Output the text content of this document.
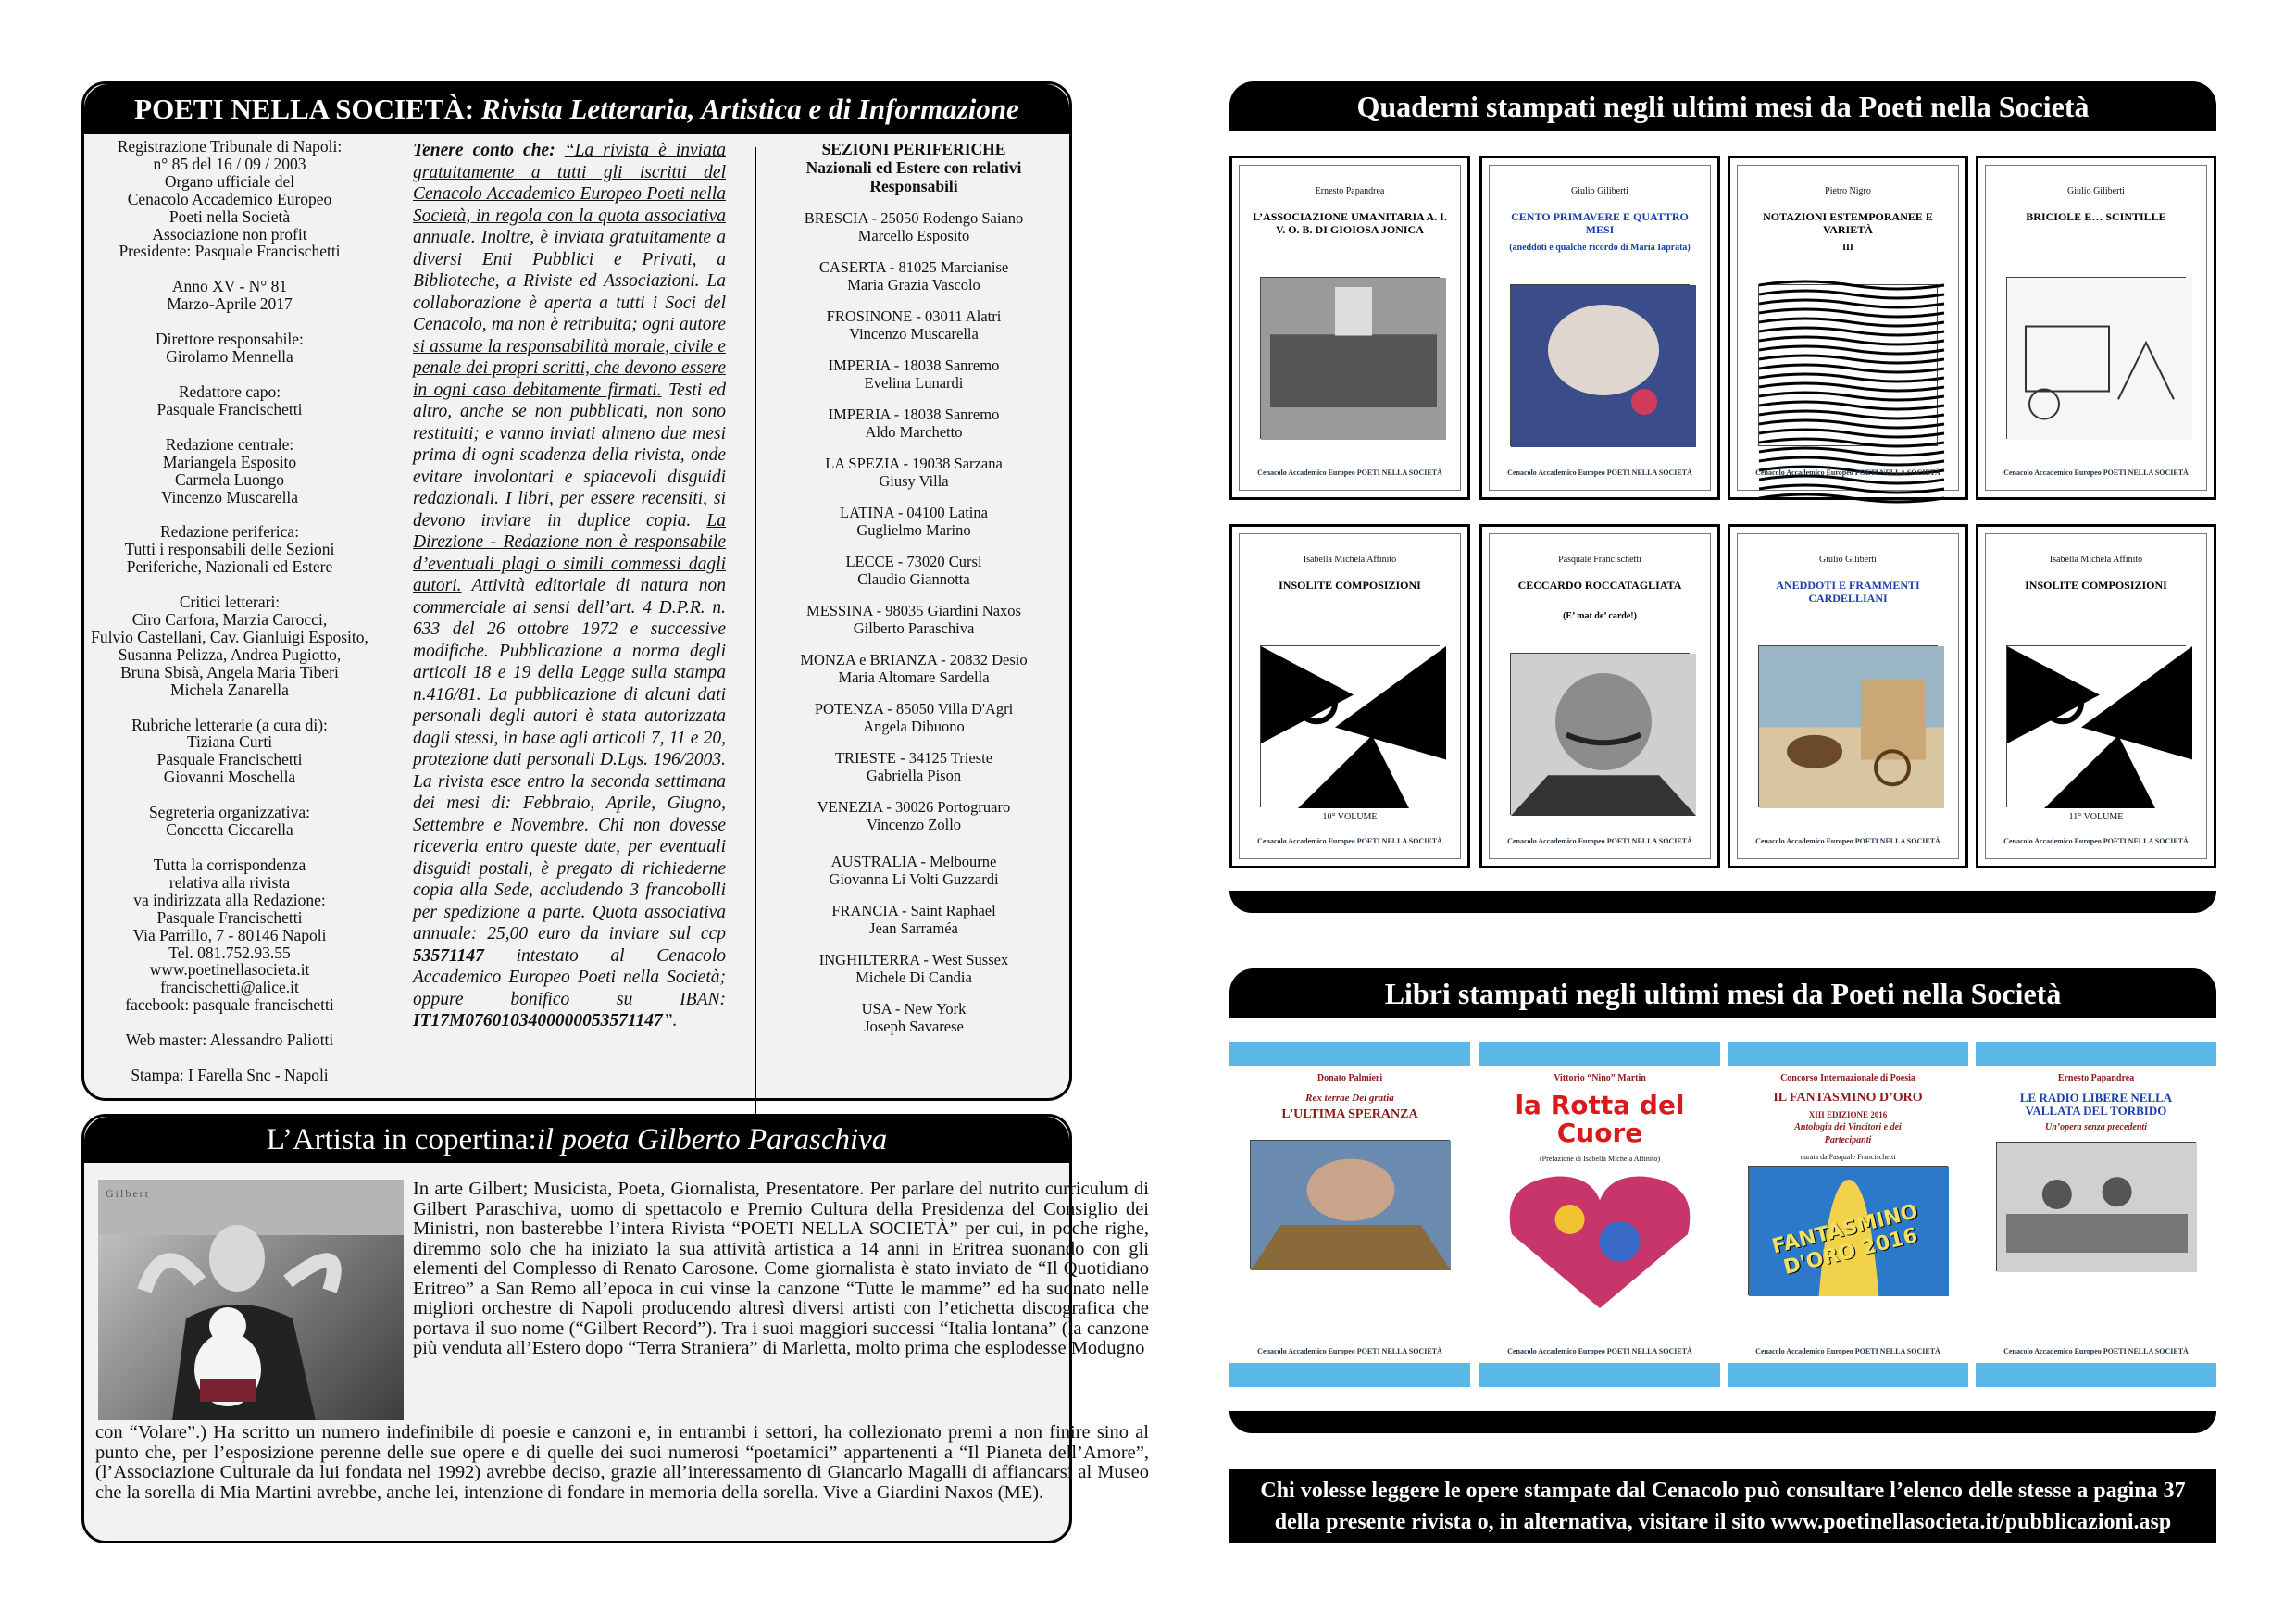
POETI NELLA SOCIETÀ:
Rivista Letteraria, Artistica e di Informazione

Registrazione Tribunale di Napoli:

n° 85 del 16 / 09 / 2003

Organo ufficiale del

Cenacolo Accademico Europeo

Poeti nella Società

Associazione non profit

Presidente: Pasquale Francischetti

Anno XV - N° 81

Marzo-Aprile 2017

Direttore responsabile:

Girolamo Mennella

Redattore capo:

Pasquale Francischetti

Redazione centrale:

Mariangela Esposito

Carmela Luongo

Vincenzo Muscarella

Redazione periferica:

Tutti i responsabili delle Sezioni

Periferiche, Nazionali ed Estere

Critici letterari:

Ciro Carfora, Marzia Carocci,

Fulvio Castellani, Cav. Gianluigi Esposito,

Susanna Pelizza, Andrea Pugiotto,

Bruna Sbisà, Angela Maria Tiberi

Michela Zanarella

Rubriche letterarie (a cura di):

Tiziana Curti

Pasquale Francischetti

Giovanni Moschella

Segreteria organizzativa:

Concetta Ciccarella

Tutta la corrispondenza

relativa alla rivista

va indirizzata alla Redazione:

Pasquale Francischetti

Via Parrillo, 7 - 80146 Napoli

Tel. 081.752.93.55

www.poetinellasocieta.it

francischetti@alice.it

facebook: pasquale francischetti

Web master: Alessandro Paliotti

Stampa: I Farella Snc - Napoli

Tenere conto che: “La rivista è inviata gratuitamente a tutti gli iscritti del Cenacolo Accademico Europeo Poeti nella Società, in regola con la quota associativa annuale. Inoltre, è inviata gratuitamente a diversi Enti Pubblici e Privati, a Biblioteche, a Riviste ed Associazioni. La collaborazione è aperta a tutti i Soci del Cenacolo, ma non è retribuita; ogni autore si assume la responsabilità morale, civile e penale dei propri scritti, che devono essere in ogni caso debitamente firmati. Testi ed altro, anche se non pubblicati, non sono restituiti; e vanno inviati almeno due mesi prima di ogni scadenza della rivista, onde evitare involontari e spiacevoli disguidi redazionali. I libri, per essere recensiti, si devono inviare in duplice copia. La Direzione - Redazione non è responsabile d’eventuali plagi o simili commessi dagli autori. Attività editoriale di natura non commerciale ai sensi dell’art. 4 D.P.R. n. 633 del 26 ottobre 1972 e successive modifiche. Pubblicazione a norma degli articoli 18 e 19 della Legge sulla stampa n.416/81. La pubblicazione di alcuni dati personali degli autori è stata autorizzata dagli stessi, in base agli articoli 7, 11 e 20, protezione dati personali D.Lgs. 196/2003. La rivista esce entro la seconda settimana dei mesi di: Febbraio, Aprile, Giugno, Settembre e Novembre. Chi non dovesse riceverla entro queste date, per eventuali disguidi postali, è pregato di richiederne copia alla Sede, accludendo 3 francobolli per spedizione a parte. Quota associativa annuale: 25,00 euro da inviare sul ccp 53571147 intestato al Cenacolo Accademico Europeo Poeti nella Società; oppure bonifico su IBAN: IT17M0760103400000053571147”.
SEZIONI PERIFERICHE
Nazionali ed Estere con relativi Responsabili
BRESCIA - 25050 Rodengo Saiano
Marcello Esposito
CASERTA - 81025 Marcianise
Maria Grazia Vascolo
FROSINONE - 03011 Alatri
Vincenzo Muscarella
IMPERIA - 18038 Sanremo
Evelina Lunardi
IMPERIA - 18038 Sanremo
Aldo Marchetto
LA SPEZIA - 19038 Sarzana
Giusy Villa
LATINA - 04100 Latina
Guglielmo Marino
LECCE - 73020 Cursi
Claudio Giannotta
MESSINA - 98035 Giardini Naxos
Gilberto Paraschiva
MONZA e BRIANZA - 20832 Desio
Maria Altomare Sardella
POTENZA - 85050 Villa D'Agri
Angela Dibuono
TRIESTE - 34125 Trieste
Gabriella Pison
VENEZIA - 30026 Portogruaro
Vincenzo Zollo
AUSTRALIA - Melbourne
Giovanna Li Volti Guzzardi
FRANCIA - Saint Raphael
Jean Sarraméa
INGHILTERRA - West Sussex
Michele Di Candia
USA - New York
Joseph Savarese
L’Artista in copertina: il poeta Gilberto Paraschiva
Gilbert	In arte Gilbert; Musicista, Poeta, Giornalista, Presentatore. Per parlare del nutrito curriculum di Gilbert Paraschiva, uomo di spettacolo e Premio Cultura della Presidenza del Consiglio dei Ministri, non basterebbe l’intera Rivista “POETI NELLA SOCIETÀ” per cui, in poche righe, diremmo solo che ha iniziato la sua attività artistica a 14 anni in Eritrea suonando con gli elementi del Complesso di Renato Carosone. Come giornalista è stato inviato de “Il Quotidiano Eritreo” a San Remo all’epoca in cui vinse la canzone “Tutte le mamme” ed ha suonato nelle migliori orchestre di Napoli producendo altresì diversi artisti con l’etichetta discografica che portava il suo nome (“Gilbert Record”). Tra i suoi maggiori successi “Italia lontana” (la canzone più venduta all’Estero dopo “Terra Straniera” di Marletta, molto prima che esplodesse Modugno
con “Volare”.) Ha scritto un numero indefinibile di poesie e canzoni e, in entrambi i settori, ha collezionato premi a non finire sino al punto che, per l’esposizione perenne delle sue opere e di quelle dei suoi numerosi “poetamici” appartenenti a “Il Pianeta dell’Amore”, (l’Associazione Culturale da lui fondata nel 1992) avrebbe deciso, grazie all’interessamento di Giancarlo Magalli di affiancarsi al Museo che la sorella di Mia Martini avrebbe, anche lei, intenzione di fondare in memoria della sorella. Vive a Giardini Naxos (ME).
Quaderni stampati negli ultimi mesi da Poeti nella Società
Ernesto Papandrea
L’ASSOCIAZIONE UMANITARIA A. I. V. O. B. DI GIOIOSA JONICA
Cenacolo Accademico Europeo POETI NELLA SOCIETÀ
Giulio Giliberti
CENTO PRIMAVERE E QUATTRO MESI
(aneddoti e qualche ricordo di Maria Iaprata)
Cenacolo Accademico Europeo POETI NELLA SOCIETÀ
Pietro Nigro
NOTAZIONI ESTEMPORANEE E VARIETÀ
III
Cenacolo Accademico Europeo POETI NELLA SOCIETÀ
Giulio Giliberti
BRICIOLE E… SCINTILLE
Cenacolo Accademico Europeo POETI NELLA SOCIETÀ
Isabella Michela Affinito
INSOLITE COMPOSIZIONI
10° VOLUME
Cenacolo Accademico Europeo POETI NELLA SOCIETÀ
Pasquale Francischetti
CECCARDO ROCCATAGLIATA
(E’ mat de’ carde!)
Cenacolo Accademico Europeo POETI NELLA SOCIETÀ
Giulio Giliberti
ANEDDOTI E FRAMMENTI CARDELLIANI
Cenacolo Accademico Europeo POETI NELLA SOCIETÀ
Isabella Michela Affinito
INSOLITE COMPOSIZIONI
11° VOLUME
Cenacolo Accademico Europeo POETI NELLA SOCIETÀ
Libri stampati negli ultimi mesi da Poeti nella Società
Donato Palmieri
Rex terrae Dei gratia
L’ULTIMA SPERANZA
Cenacolo Accademico Europeo POETI NELLA SOCIETÀ
Vittorio “Nino” Martin
la Rotta del Cuore
(Prefazione di Isabella Michela Affinito)
Cenacolo Accademico Europeo POETI NELLA SOCIETÀ
Concorso Internazionale di Poesia
IL FANTASMINO D’ORO
XIII EDIZIONE 2016
Antologia dei Vincitori e dei Partecipanti
curata da Pasquale Francischetti
FANTASMINO D'ORO 2016
Cenacolo Accademico Europeo POETI NELLA SOCIETÀ
Ernesto Papandrea
LE RADIO LIBERE NELLA VALLATA DEL TORBIDO
Un’opera senza precedenti
Cenacolo Accademico Europeo POETI NELLA SOCIETÀ
Chi volesse leggere le opere stampate dal Cenacolo può consultare l’elenco delle stesse a pagina 37
della presente rivista o, in alternativa, visitare il sito www.poetinellasocieta.it/pubblicazioni.asp
